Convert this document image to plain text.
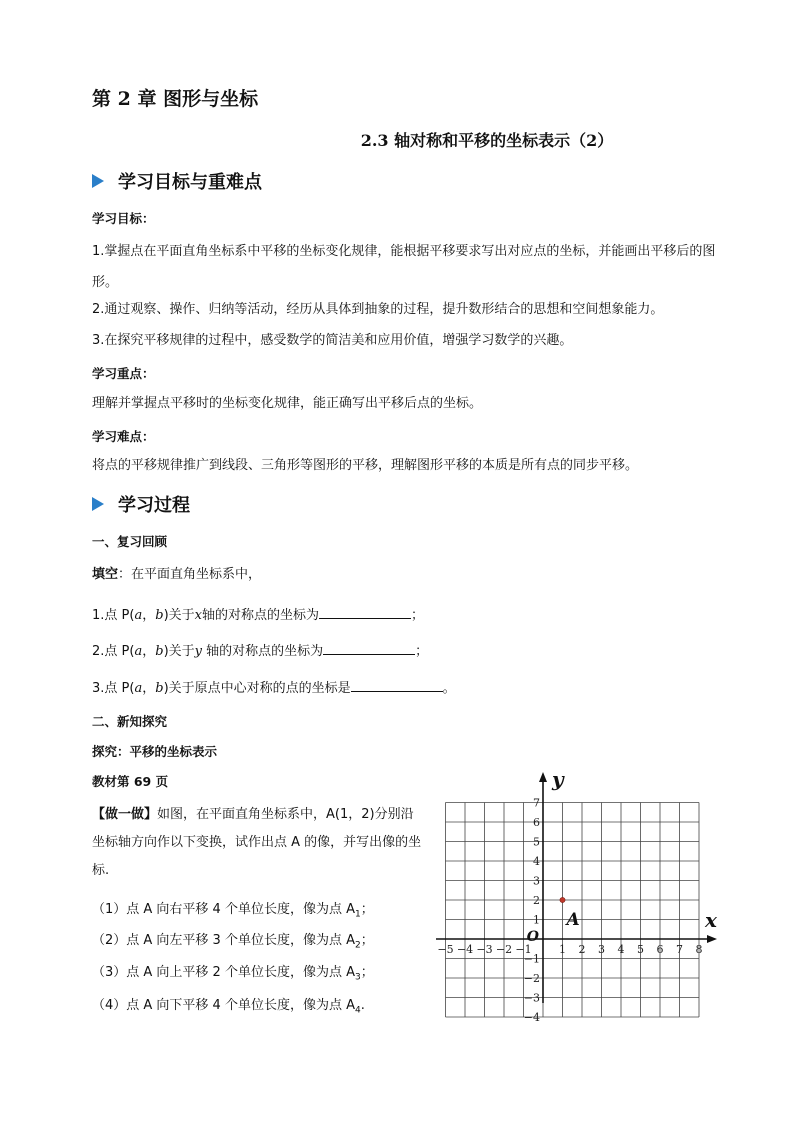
第 2 章 图形与坐标
2.3 轴对称和平移的坐标表示（2）
学习目标与重难点
学习目标：
1.掌握点在平面直角坐标系中平移的坐标变化规律，能根据平移要求写出对应点的坐标，并能画出平移后的图形。
2.通过观察、操作、归纳等活动，经历从具体到抽象的过程，提升数形结合的思想和空间想象能力。
3.在探究平移规律的过程中，感受数学的简洁美和应用价值，增强学习数学的兴趣。
学习重点：
理解并掌握点平移时的坐标变化规律，能正确写出平移后点的坐标。
学习难点：
将点的平移规律推广到线段、三角形等图形的平移，理解图形平移的本质是所有点的同步平移。
学习过程
一、复习回顾
填空：在平面直角坐标系中，
1.点 P(a，b)关于x轴的对称点的坐标为	；
2.点 P(a，b)关于y 轴的对称点的坐标为	；
3.点 P(a，b)关于原点中心对称的点的坐标是	。
二、新知探究
探究：平移的坐标表示
教材第 69 页
【做一做】如图，在平面直角坐标系中，A(1，2)分别沿坐标轴方向作以下变换，试作出点 A 的像，并写出像的坐标.
（1）点 A 向右平移 4 个单位长度，像为点 $A_1$；
（2）点 A 向左平移 3 个单位长度，像为点 $A_2$；
（3）点 A 向上平移 2 个单位长度，像为点 $A_3$；
（4）点 A 向下平移 4 个单位长度，像为点 $A_4$.
−5 −4 −3 −2 −1 1 2 3 4 5 6 7 8
7
6
5
4
3
2
1
−1
−2
−3
−4
O
x
y
A
